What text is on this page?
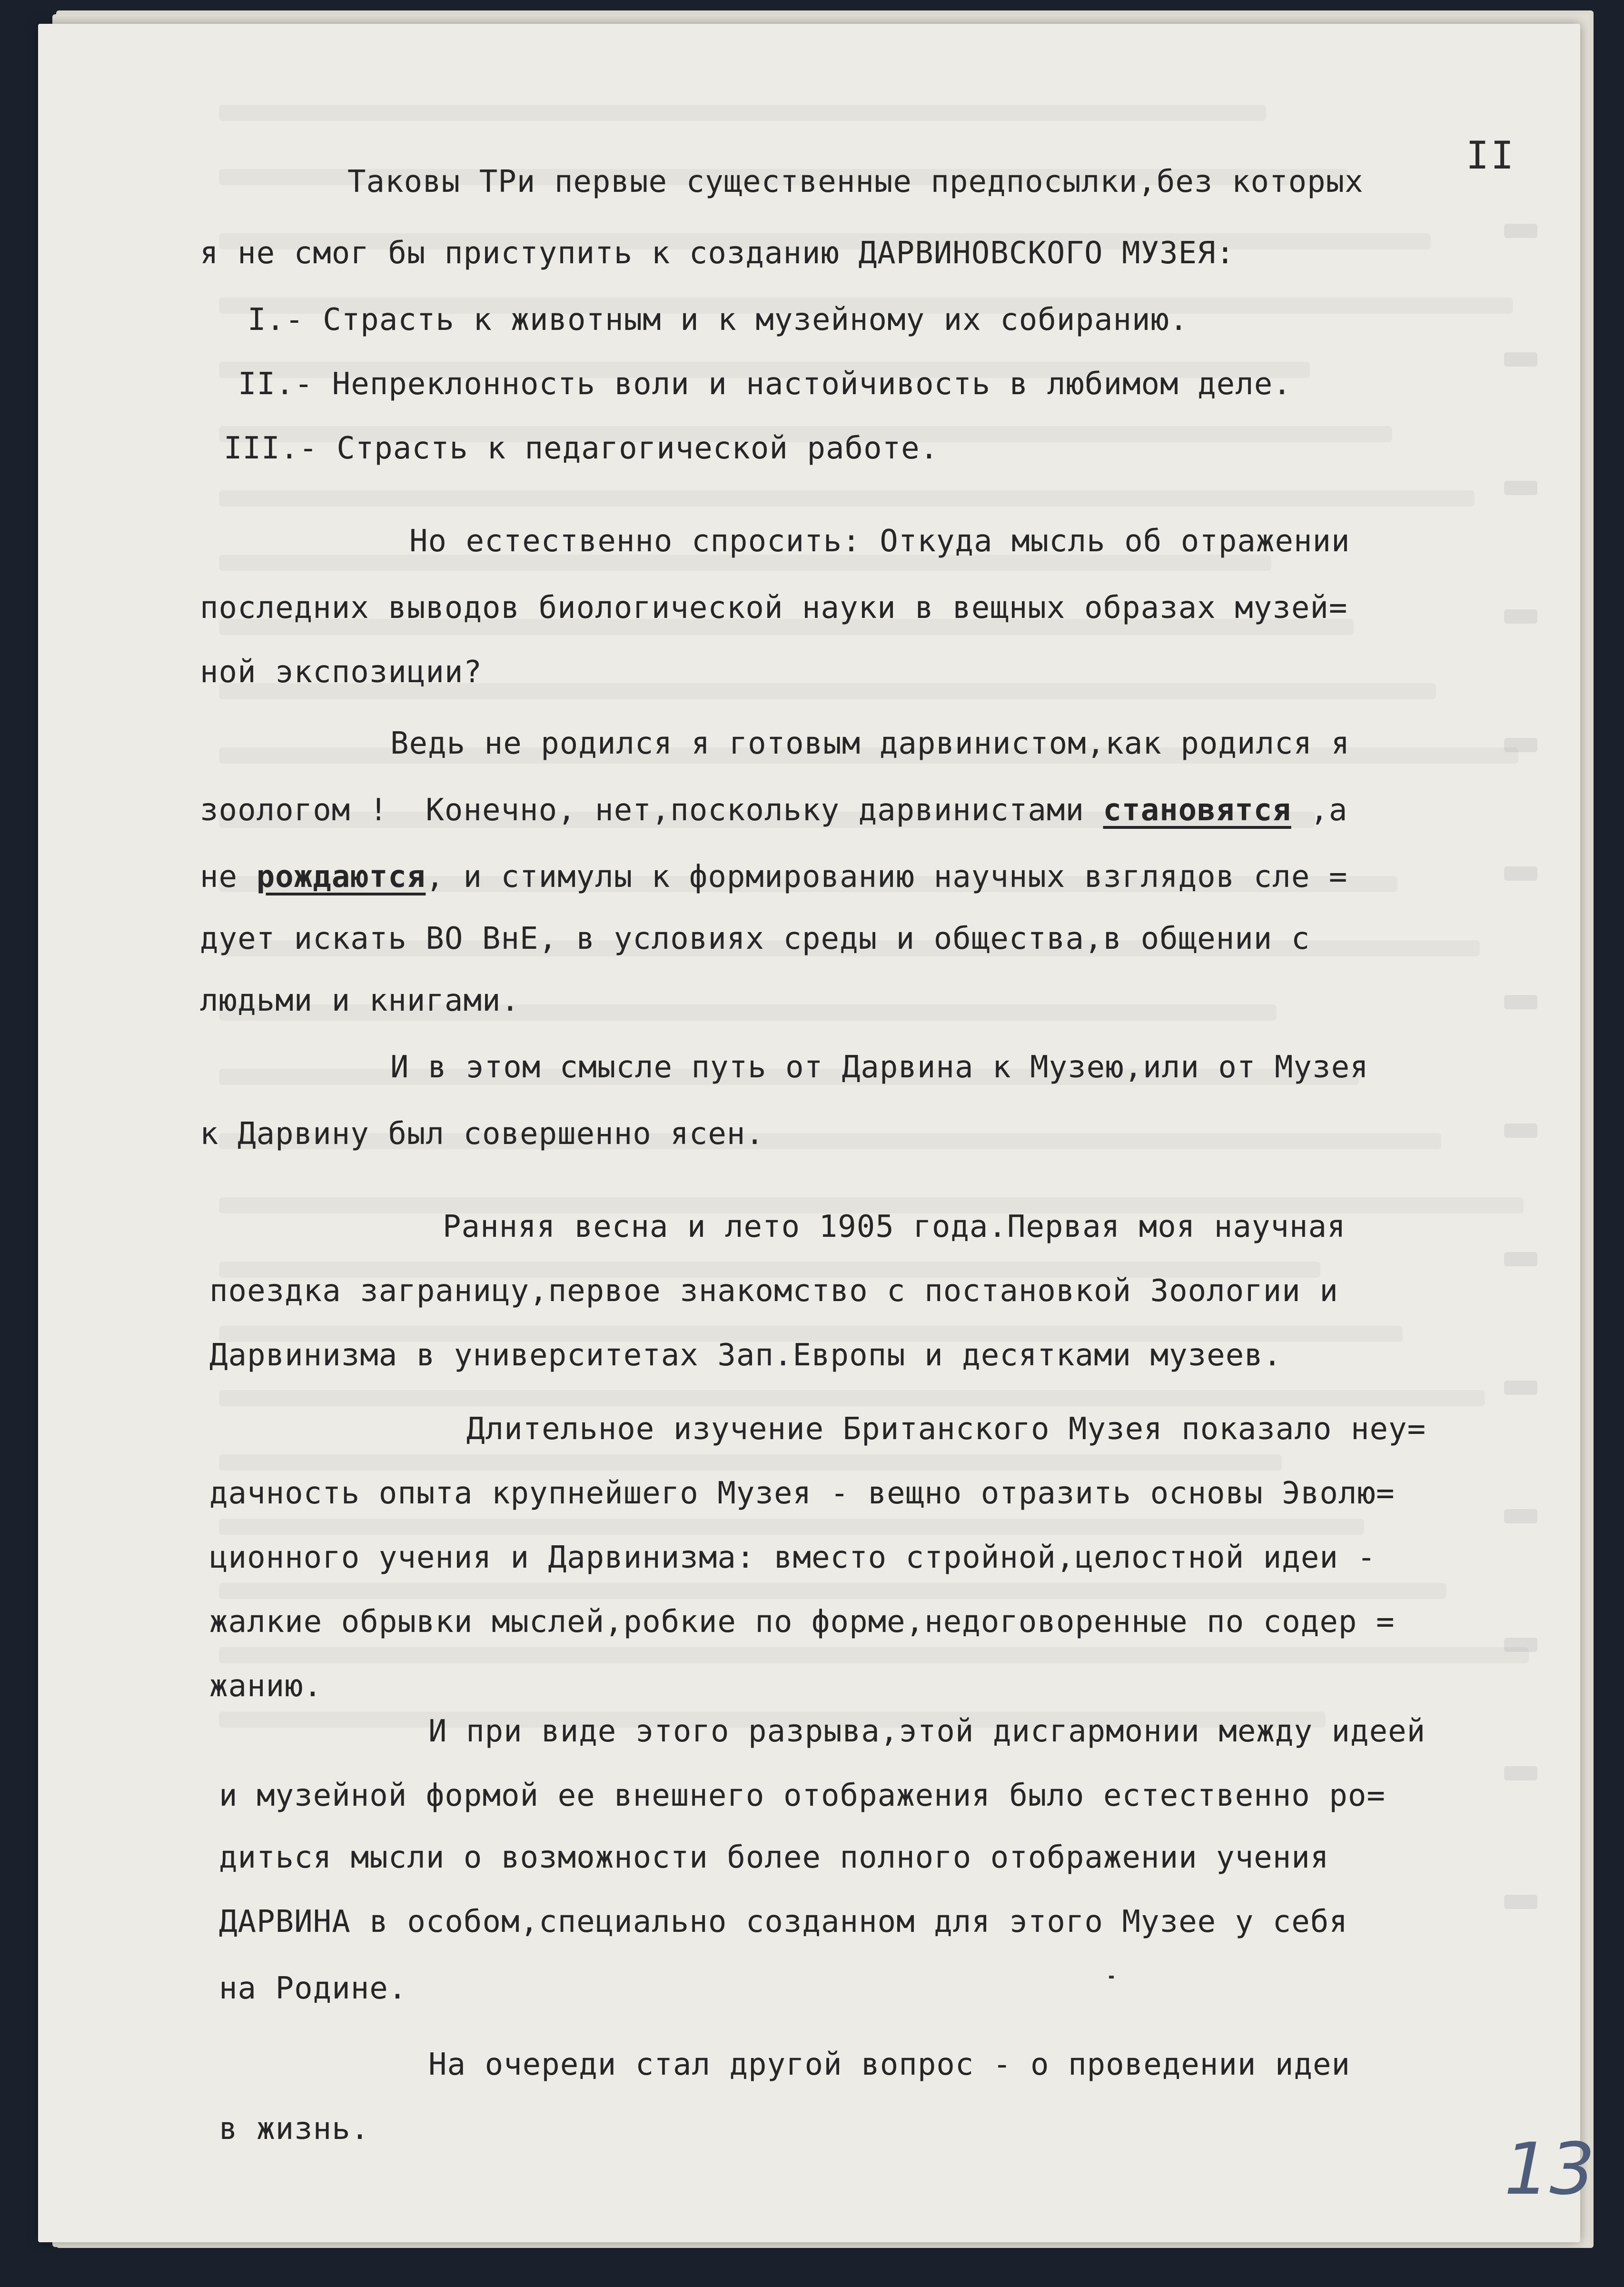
II
Таковы ТРи первые существенные предпосылки,без которых
я не смог бы приступить к созданию ДАРВИНОВСКОГО МУЗЕЯ:
I.- Страсть к животным и к музейному их собиранию.
II.- Непреклонность воли и настойчивость в любимом деле.
III.- Страсть к педагогической работе.
Но естественно спросить: Откуда мысль об отражении
последних выводов биологической науки в вещных образах музей=
ной экспозиции?
Ведь не родился я готовым дарвинистом,как родился я
зоологом !  Конечно, нет,поскольку дарвинистами становятся ,а
не рождаются, и стимулы к формированию научных взглядов сле =
дует искать ВО ВнЕ, в условиях среды и общества,в общении с
людьми и книгами.
И в этом смысле путь от Дарвина к Музею,или от Музея
к Дарвину был совершенно ясен.
Ранняя весна и лето 1905 года.Первая моя научная
поездка заграницу,первое знакомство с постановкой Зоологии и
Дарвинизма в университетах Зап.Европы и десятками музеев.
Длительное изучение Британского Музея показало неу=
дачность опыта крупнейшего Музея - вещно отразить основы Эволю=
ционного учения и Дарвинизма: вместо стройной,целостной идеи -
жалкие обрывки мыслей,робкие по форме,недоговоренные по содер =
жанию.
И при виде этого разрыва,этой дисгармонии между идеей
и музейной формой ее внешнего отображения было естественно ро=
диться мысли о возможности более полного отображении учения
ДАРВИНА в особом,специально созданном для этого Музее у себя
на Родине.
На очереди стал другой вопрос - о проведении идеи
в жизнь.	13
